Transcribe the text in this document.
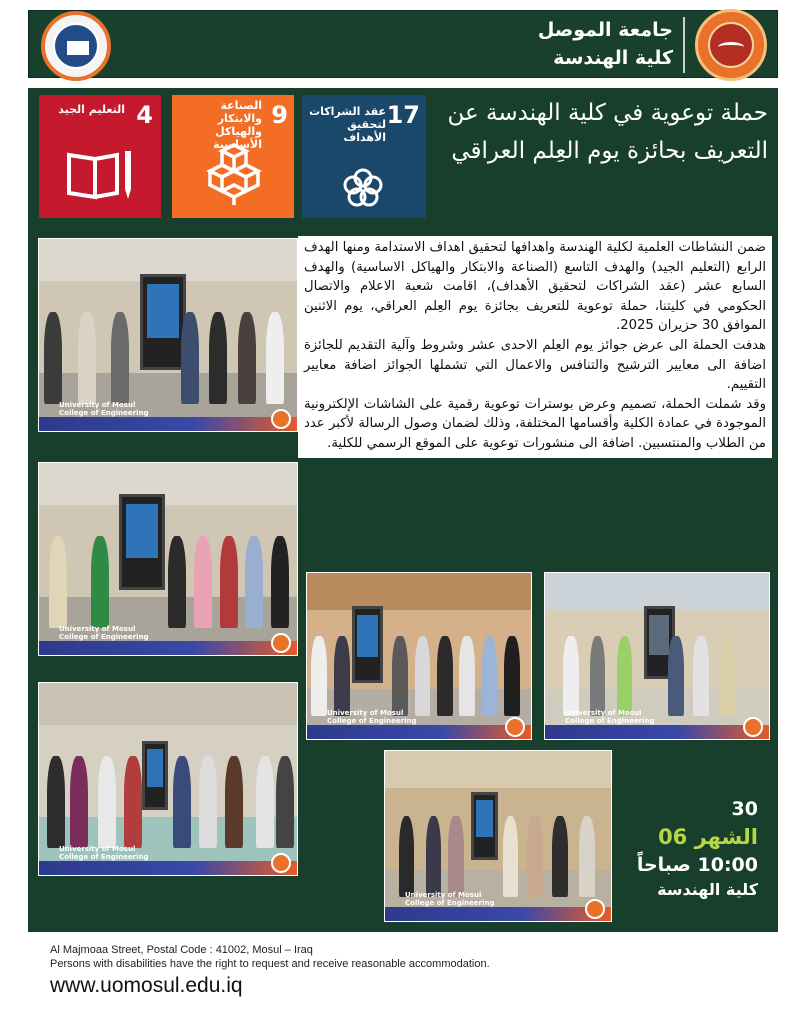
جامعة الموصل
كلية الهندسة
4
التعليم الجيد	9
الصناعة والابتكار والهياكل الأساسية
17
عقد الشراكات لتحقيق الأهداف
حملة توعوية في كلية الهندسة عن التعريف بحائزة يوم العِلم العراقي

ضمن النشاطات العلمية لكلية الهندسة واهدافها لتحقيق اهداف الاستدامة ومنها الهدف الرابع (التعليم الجيد) والهدف التاسع (الصناعة والابتكار والهياكل الاساسية) والهدف السابع عشر (عقد الشراكات لتحقيق الأهداف)، اقامت شعبة الاعلام والاتصال الحكومي في كليتنا، حملة توعوية للتعريف بجائزة يوم العِلم العراقي، يوم الاثنين الموافق 30 حزيران 2025.

هدفت الحملة الى عرض جوائز يوم العِلم الاحدى عشر وشروط وآلية التقديم للجائزة اضافة الى معايير الترشيح والتنافس والاعمال التي تشملها الجوائز اضافة معايير التقييم.

وقد شملت الحملة، تصميم وعرض بوسترات توعوية رقمية على الشاشات الإلكترونية الموجودة في عمادة الكلية وأقسامها المختلفة، وذلك لضمان وصول الرسالة لأكبر عدد من الطلاب والمنتسبين. اضافة الى منشورات توعوية على الموقع الرسمي للكلية.

University of Mosul
College of Engineering
University of Mosul
College of Engineering
University of Mosul
College of Engineering
University of Mosul
College of Engineering
University of Mosul
College of Engineering
University of Mosul
College of Engineering
30
الشهر 06
10:00 صباحاً
كلية الهندسة
Al Majmoaa Street, Postal Code : 41002, Mosul – Iraq
Persons with disabilities have the right to request and receive reasonable accommodation.
www.uomosul.edu.iq
